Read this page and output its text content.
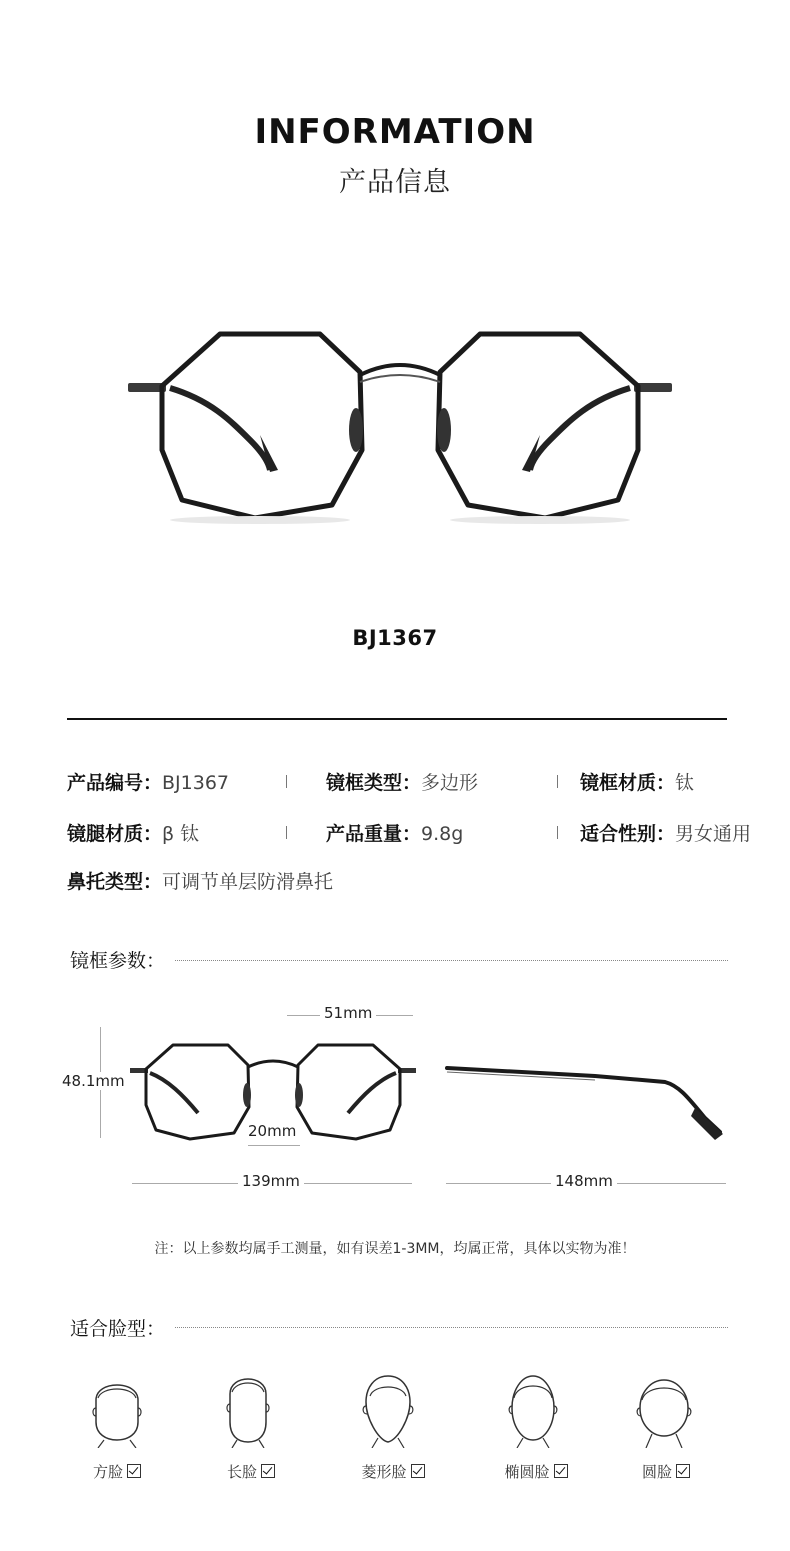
INFORMATION
产品信息
BJ1367
产品编号：BJ1367	镜框类型：多边形	镜框材质：钛
镜腿材质：β 钛	产品重量：9.8g	适合性别：男女通用
鼻托类型：可调节单层防滑鼻托
镜框参数：
51mm
48.1mm
20mm
139mm	148mm
注：以上参数均属手工测量，如有误差1-3MM，均属正常，具体以实物为准！
适合脸型：
方脸	长脸	菱形脸	椭圆脸	圆脸
